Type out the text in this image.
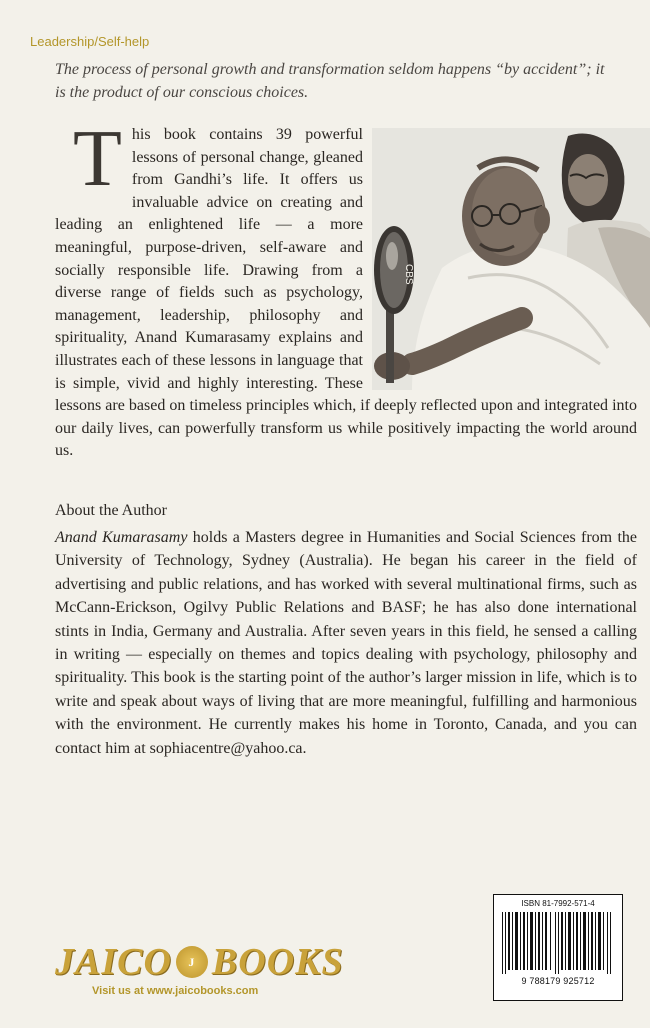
Leadership/Self-help
The process of personal growth and transformation seldom happens “by accident”; it is the product of our conscious choices.
CBS
T his book contains 39 powerful lessons of personal change, gleaned from Gandhi’s life. It offers us invaluable advice on creating and leading an enlightened life — a more meaningful, purpose-driven, self-aware and socially responsible life. Drawing from a diverse range of fields such as psychology, management, leadership, philosophy and spirituality, Anand Kumarasamy explains and illustrates each of these lessons in language that is simple, vivid and highly interesting. These lessons are based on timeless principles which, if deeply reflected upon and integrated into our daily lives, can powerfully transform us while positively impacting the world around us.
About the Author
Anand Kumarasamy holds a Masters degree in Humanities and Social Sciences from the University of Technology, Sydney (Australia). He began his career in the field of advertising and public relations, and has worked with several multinational firms, such as McCann-Erickson, Ogilvy Public Relations and BASF; he has also done international stints in India, Germany and Australia. After seven years in this field, he sensed a calling in writing — especially on themes and topics dealing with psychology, philosophy and spirituality. This book is the starting point of the author’s larger mission in life, which is to write and speak about ways of living that are more meaningful, fulfilling and harmonious with the environment. He currently makes his home in Toronto, Canada, and you can contact him at sophiacentre@yahoo.ca.
ISBN 81-7992-571-4
9 788179 925712
JAICO	J BOOKS
Visit us at www.jaicobooks.com
